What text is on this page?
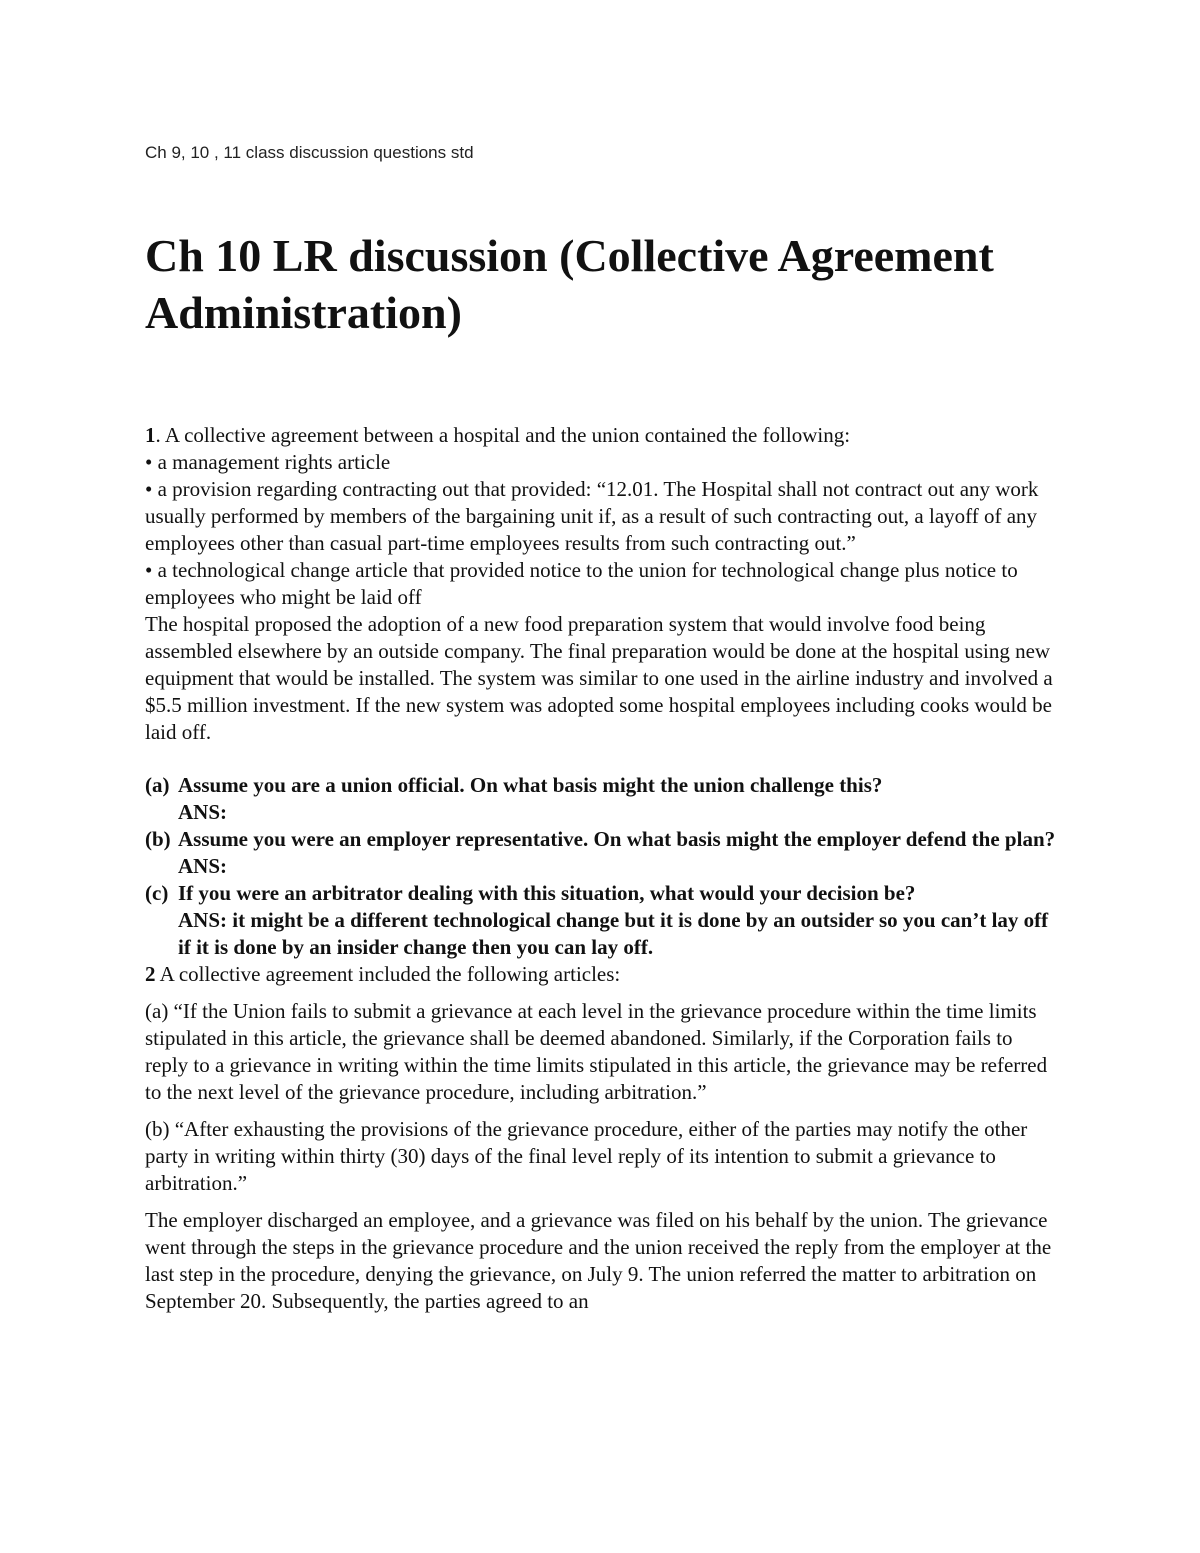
Ch 9, 10 , 11 class discussion questions std
Ch 10 LR discussion (Collective Agreement Administration)

1. A collective agreement between a hospital and the union contained the following:

• a management rights article

• a provision regarding contracting out that provided: “12.01. The Hospital shall not contract out any work usually performed by members of the bargaining unit if, as a result of such contracting out, a layoff of any employees other than casual part-time employees results from such contracting out.”

• a technological change article that provided notice to the union for technological change plus notice to employees who might be laid off

The hospital proposed the adoption of a new food preparation system that would involve food being assembled elsewhere by an outside company. The final preparation would be done at the hospital using new equipment that would be installed. The system was similar to one used in the airline industry and involved a $5.5 million investment. If the new system was adopted some hospital employees including cooks would be laid off.

(a) Assume you are a union official. On what basis might the union challenge this?
ANS:
(b) Assume you were an employer representative. On what basis might the employer defend the plan?
ANS:
(c) If you were an arbitrator dealing with this situation, what would your decision be?
ANS: it might be a different technological change but it is done by an outsider so you can’t lay off if it is done by an insider change then you can lay off.

2 A collective agreement included the following articles:

(a) “If the Union fails to submit a grievance at each level in the grievance procedure within the time limits stipulated in this article, the grievance shall be deemed abandoned. Similarly, if the Corporation fails to reply to a grievance in writing within the time limits stipulated in this article, the grievance may be referred to the next level of the grievance procedure, including arbitration.”

(b) “After exhausting the provisions of the grievance procedure, either of the parties may notify the other party in writing within thirty (30) days of the final level reply of its intention to submit a grievance to arbitration.”

The employer discharged an employee, and a grievance was filed on his behalf by the union. The grievance went through the steps in the grievance procedure and the union received the reply from the employer at the last step in the procedure, denying the grievance, on July 9. The union referred the matter to arbitration on September 20. Subsequently, the parties agreed to an
